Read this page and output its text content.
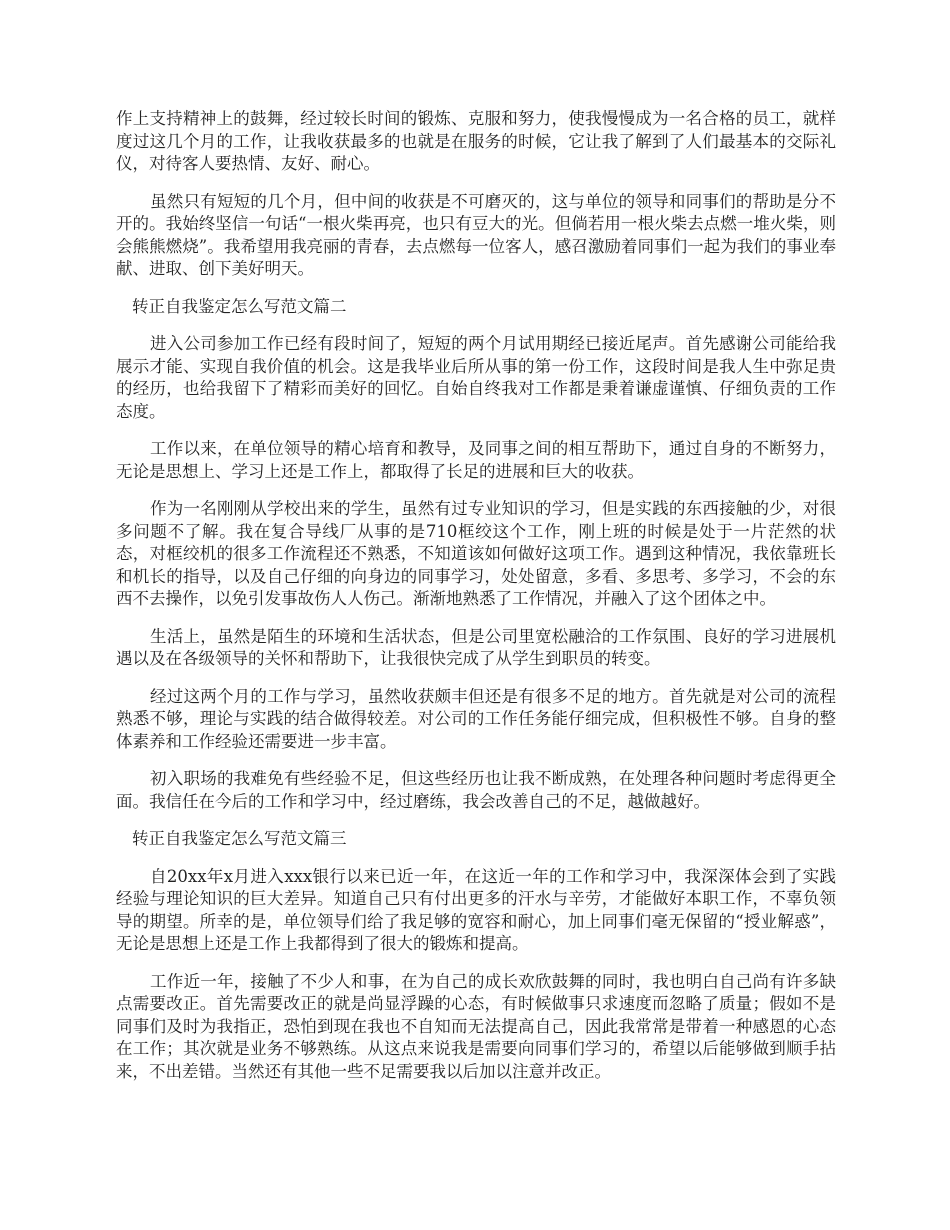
作上支持精神上的鼓舞，经过较长时间的锻炼、克服和努力，使我慢慢成为一名合格的员工，就样度过这几个月的工作，让我收获最多的也就是在服务的时候，它让我了解到了人们最基本的交际礼仪，对待客人要热情、友好、耐心。

虽然只有短短的几个月，但中间的收获是不可磨灭的，这与单位的领导和同事们的帮助是分不开的。我始终坚信一句话“一根火柴再亮，也只有豆大的光。但倘若用一根火柴去点燃一堆火柴，则会熊熊燃烧”。我希望用我亮丽的青春，去点燃每一位客人，感召激励着同事们一起为我们的事业奉献、进取、创下美好明天。

转正自我鉴定怎么写范文篇二

进入公司参加工作已经有段时间了，短短的两个月试用期经已接近尾声。首先感谢公司能给我展示才能、实现自我价值的机会。这是我毕业后所从事的第一份工作，这段时间是我人生中弥足贵的经历，也给我留下了精彩而美好的回忆。自始自终我对工作都是秉着谦虚谨慎、仔细负责的工作态度。

工作以来，在单位领导的精心培育和教导，及同事之间的相互帮助下，通过自身的不断努力，无论是思想上、学习上还是工作上，都取得了长足的进展和巨大的收获。

作为一名刚刚从学校出来的学生，虽然有过专业知识的学习，但是实践的东西接触的少，对很多问题不了解。我在复合导线厂从事的是710框绞这个工作，刚上班的时候是处于一片茫然的状态，对框绞机的很多工作流程还不熟悉，不知道该如何做好这项工作。遇到这种情况，我依靠班长和机长的指导，以及自己仔细的向身边的同事学习，处处留意，多看、多思考、多学习，不会的东西不去操作，以免引发事故伤人人伤己。渐渐地熟悉了工作情况，并融入了这个团体之中。

生活上，虽然是陌生的环境和生活状态，但是公司里宽松融洽的工作氛围、良好的学习进展机遇以及在各级领导的关怀和帮助下，让我很快完成了从学生到职员的转变。

经过这两个月的工作与学习，虽然收获颇丰但还是有很多不足的地方。首先就是对公司的流程熟悉不够，理论与实践的结合做得较差。对公司的工作任务能仔细完成，但积极性不够。自身的整体素养和工作经验还需要进一步丰富。

初入职场的我难免有些经验不足，但这些经历也让我不断成熟，在处理各种问题时考虑得更全面。我信任在今后的工作和学习中，经过磨练，我会改善自己的不足，越做越好。

转正自我鉴定怎么写范文篇三

自20xx年x月进入xxx银行以来已近一年，在这近一年的工作和学习中，我深深体会到了实践经验与理论知识的巨大差异。知道自己只有付出更多的汗水与辛劳，才能做好本职工作，不辜负领导的期望。所幸的是，单位领导们给了我足够的宽容和耐心，加上同事们毫无保留的“授业解惑”，无论是思想上还是工作上我都得到了很大的锻炼和提高。

工作近一年，接触了不少人和事，在为自己的成长欢欣鼓舞的同时，我也明白自己尚有许多缺点需要改正。首先需要改正的就是尚显浮躁的心态，有时候做事只求速度而忽略了质量；假如不是同事们及时为我指正，恐怕到现在我也不自知而无法提高自己，因此我常常是带着一种感恩的心态在工作；其次就是业务不够熟练。从这点来说我是需要向同事们学习的，希望以后能够做到顺手拈来，不出差错。当然还有其他一些不足需要我以后加以注意并改正。
